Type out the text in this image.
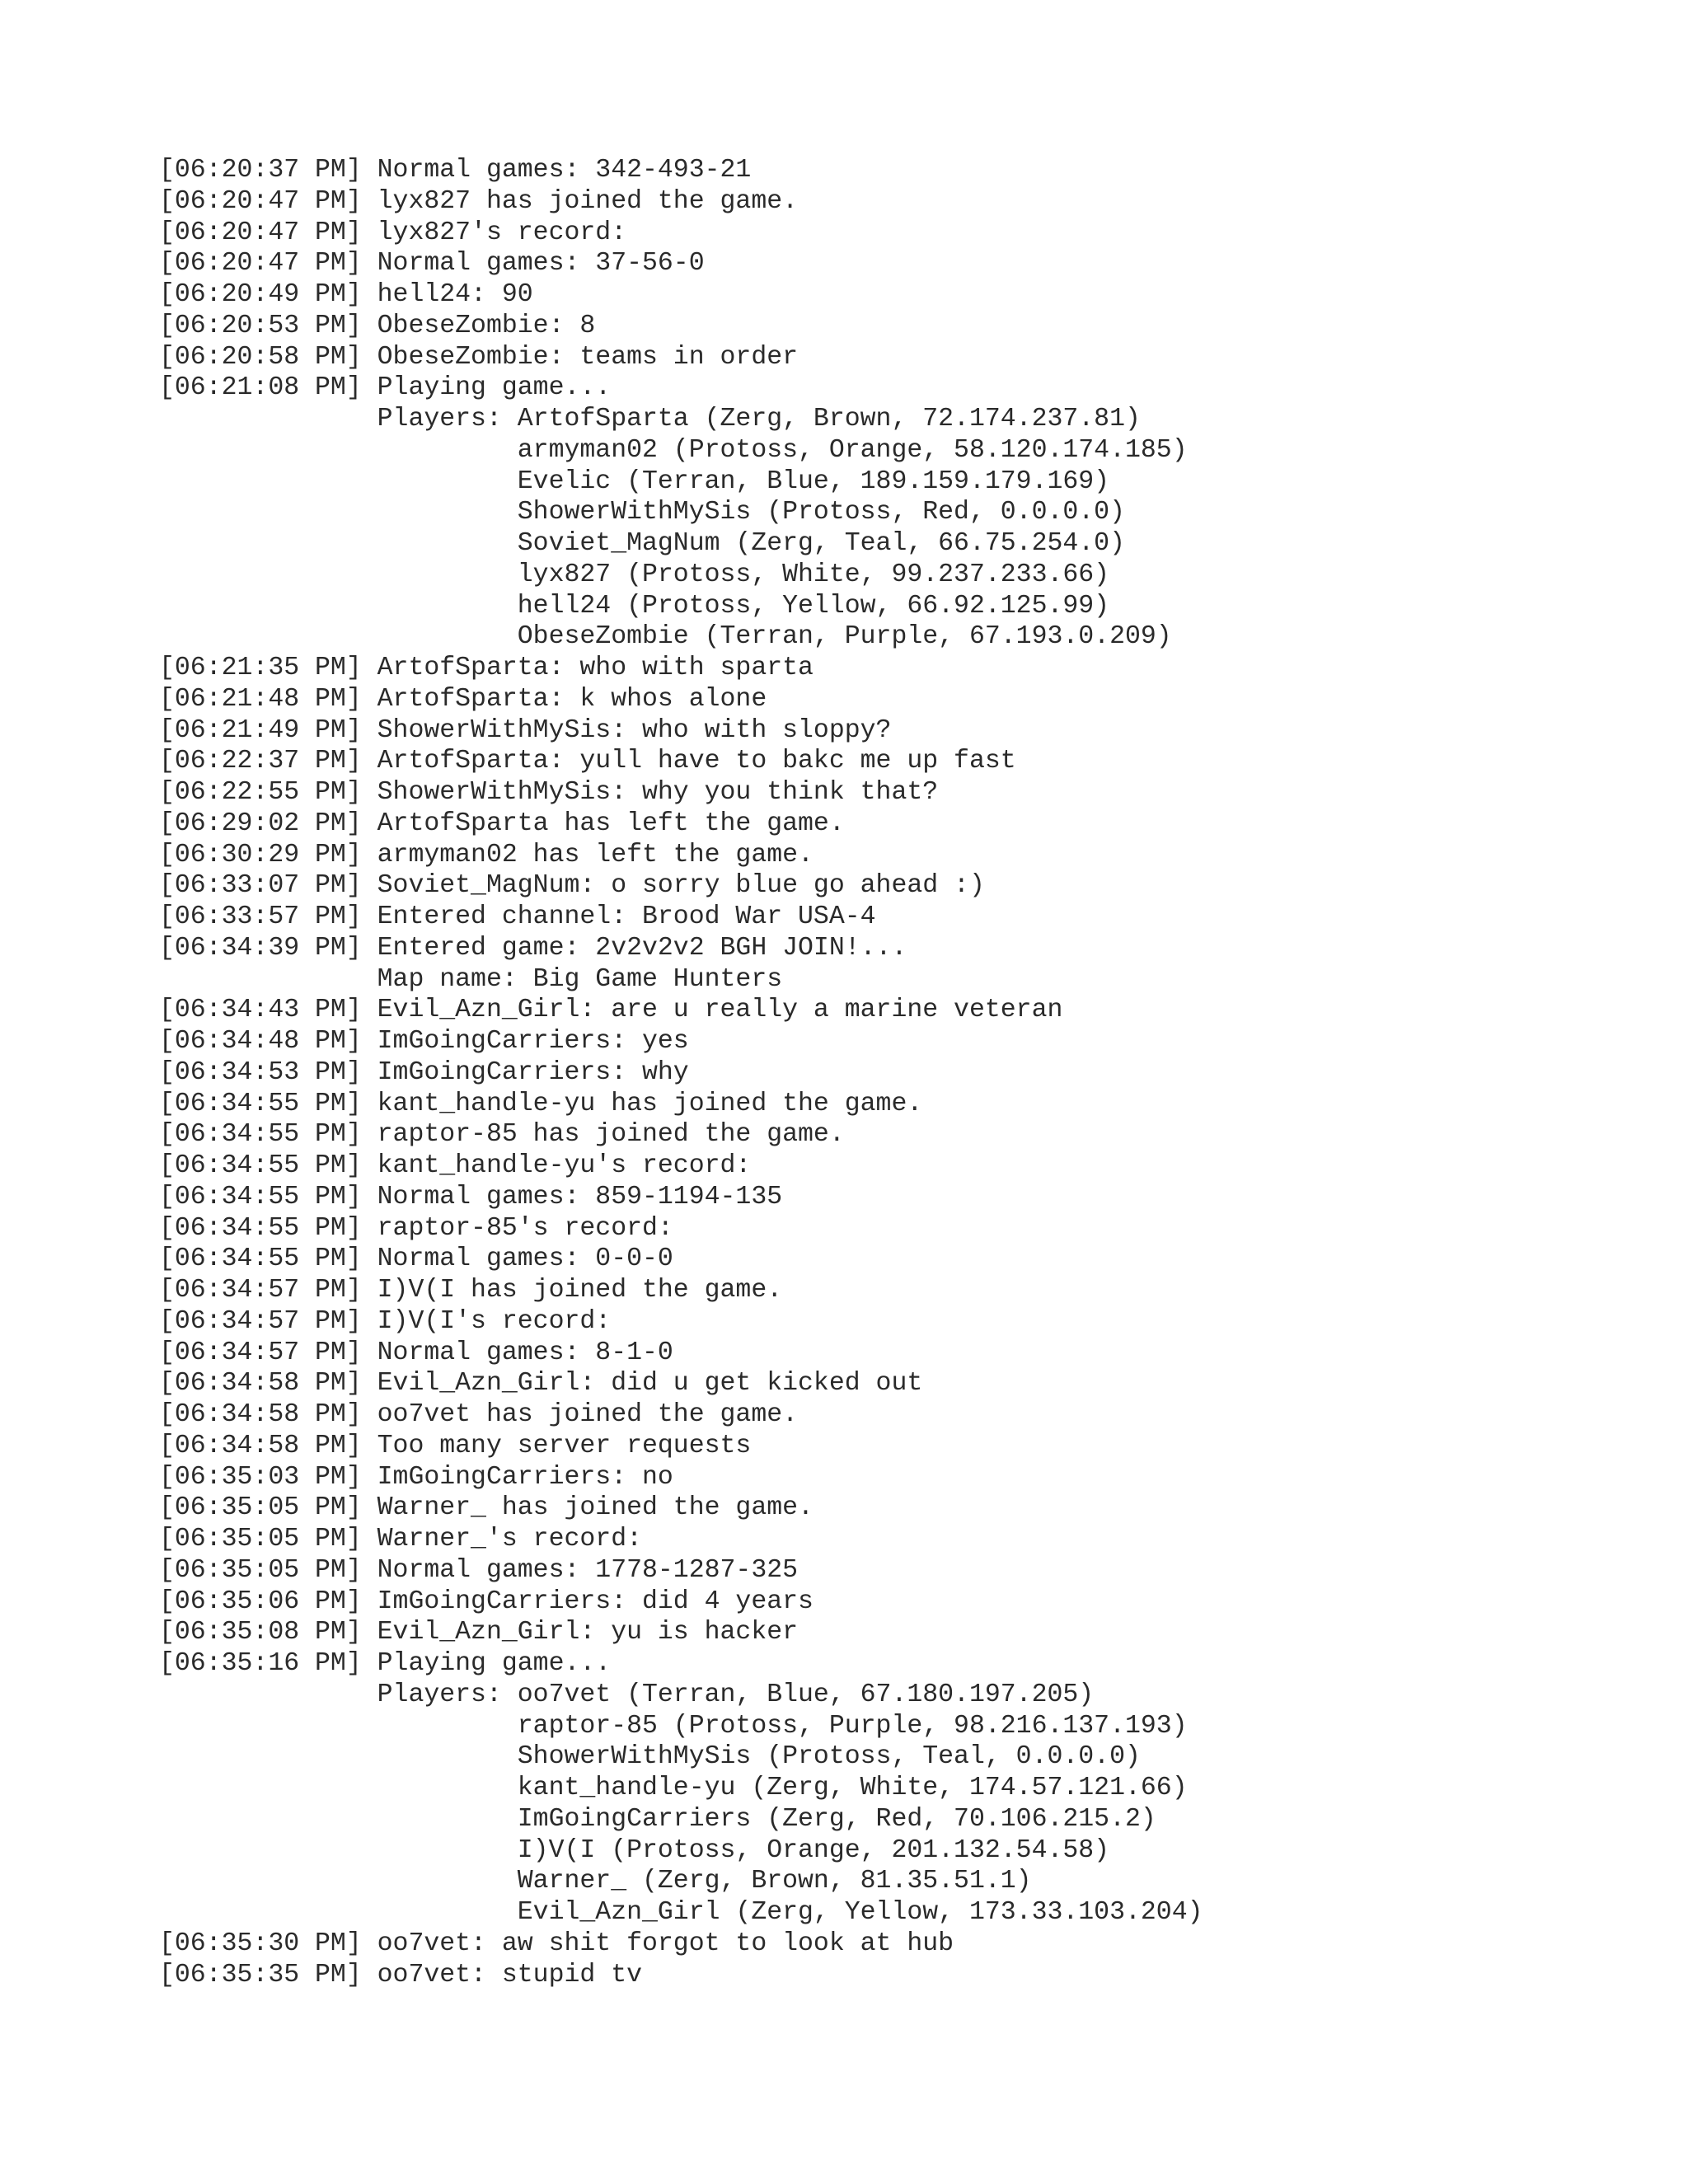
[06:20:37 PM] Normal games: 342-493-21
[06:20:47 PM] lyx827 has joined the game.
[06:20:47 PM] lyx827's record:
[06:20:47 PM] Normal games: 37-56-0
[06:20:49 PM] hell24: 90
[06:20:53 PM] ObeseZombie: 8
[06:20:58 PM] ObeseZombie: teams in order
[06:21:08 PM] Playing game...
Players: ArtofSparta (Zerg, Brown, 72.174.237.81)
armyman02 (Protoss, Orange, 58.120.174.185)
Evelic (Terran, Blue, 189.159.179.169)
ShowerWithMySis (Protoss, Red, 0.0.0.0)
Soviet_MagNum (Zerg, Teal, 66.75.254.0)
lyx827 (Protoss, White, 99.237.233.66)
hell24 (Protoss, Yellow, 66.92.125.99)
ObeseZombie (Terran, Purple, 67.193.0.209)
[06:21:35 PM] ArtofSparta: who with sparta
[06:21:48 PM] ArtofSparta: k whos alone
[06:21:49 PM] ShowerWithMySis: who with sloppy?
[06:22:37 PM] ArtofSparta: yull have to bakc me up fast
[06:22:55 PM] ShowerWithMySis: why you think that?
[06:29:02 PM] ArtofSparta has left the game.
[06:30:29 PM] armyman02 has left the game.
[06:33:07 PM] Soviet_MagNum: o sorry blue go ahead :)
[06:33:57 PM] Entered channel: Brood War USA-4
[06:34:39 PM] Entered game: 2v2v2v2 BGH JOIN!...
Map name: Big Game Hunters
[06:34:43 PM] Evil_Azn_Girl: are u really a marine veteran
[06:34:48 PM] ImGoingCarriers: yes
[06:34:53 PM] ImGoingCarriers: why
[06:34:55 PM] kant_handle-yu has joined the game.
[06:34:55 PM] raptor-85 has joined the game.
[06:34:55 PM] kant_handle-yu's record:
[06:34:55 PM] Normal games: 859-1194-135
[06:34:55 PM] raptor-85's record:
[06:34:55 PM] Normal games: 0-0-0
[06:34:57 PM] I)V(I has joined the game.
[06:34:57 PM] I)V(I's record:
[06:34:57 PM] Normal games: 8-1-0
[06:34:58 PM] Evil_Azn_Girl: did u get kicked out
[06:34:58 PM] oo7vet has joined the game.
[06:34:58 PM] Too many server requests
[06:35:03 PM] ImGoingCarriers: no
[06:35:05 PM] Warner_ has joined the game.
[06:35:05 PM] Warner_'s record:
[06:35:05 PM] Normal games: 1778-1287-325
[06:35:06 PM] ImGoingCarriers: did 4 years
[06:35:08 PM] Evil_Azn_Girl: yu is hacker
[06:35:16 PM] Playing game...
Players: oo7vet (Terran, Blue, 67.180.197.205)
raptor-85 (Protoss, Purple, 98.216.137.193)
ShowerWithMySis (Protoss, Teal, 0.0.0.0)
kant_handle-yu (Zerg, White, 174.57.121.66)
ImGoingCarriers (Zerg, Red, 70.106.215.2)
I)V(I (Protoss, Orange, 201.132.54.58)
Warner_ (Zerg, Brown, 81.35.51.1)
Evil_Azn_Girl (Zerg, Yellow, 173.33.103.204)
[06:35:30 PM] oo7vet: aw shit forgot to look at hub
[06:35:35 PM] oo7vet: stupid tv
